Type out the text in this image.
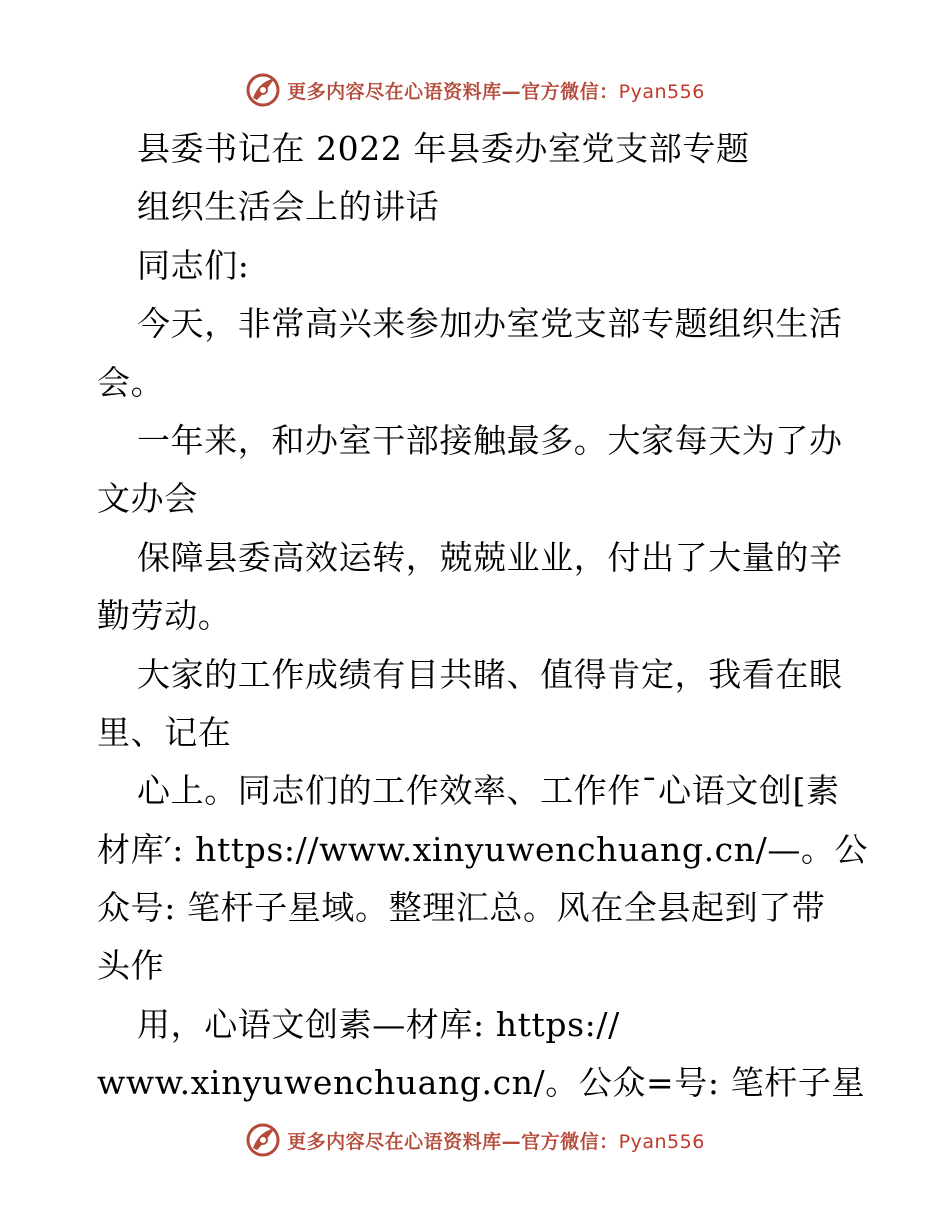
更多内容尽在心语资料库—官方微信：Pyan556
县委书记在 2022 年县委办室党支部专题
组织生活会上的讲话
同志们:
今天，非常高兴来参加办室党支部专题组织生活
会。
一年来，和办室干部接触最多。大家每天为了办
文办会
保障县委高效运转，兢兢业业，付出了大量的辛
勤劳动。
大家的工作成绩有目共睹、值得肯定，我看在眼
里、记在
心上。同志们的工作效率、工作作¯心语文创[素
材库′: https://www.xinyuwenchuang.cn/—。公
众号: 笔杆子星域。整理汇总。风在全县起到了带
头作
用，心语文创素—材库: https://
www.xinyuwenchuang.cn/。公众=号: 笔杆子星
更多内容尽在心语资料库—官方微信：Pyan556
